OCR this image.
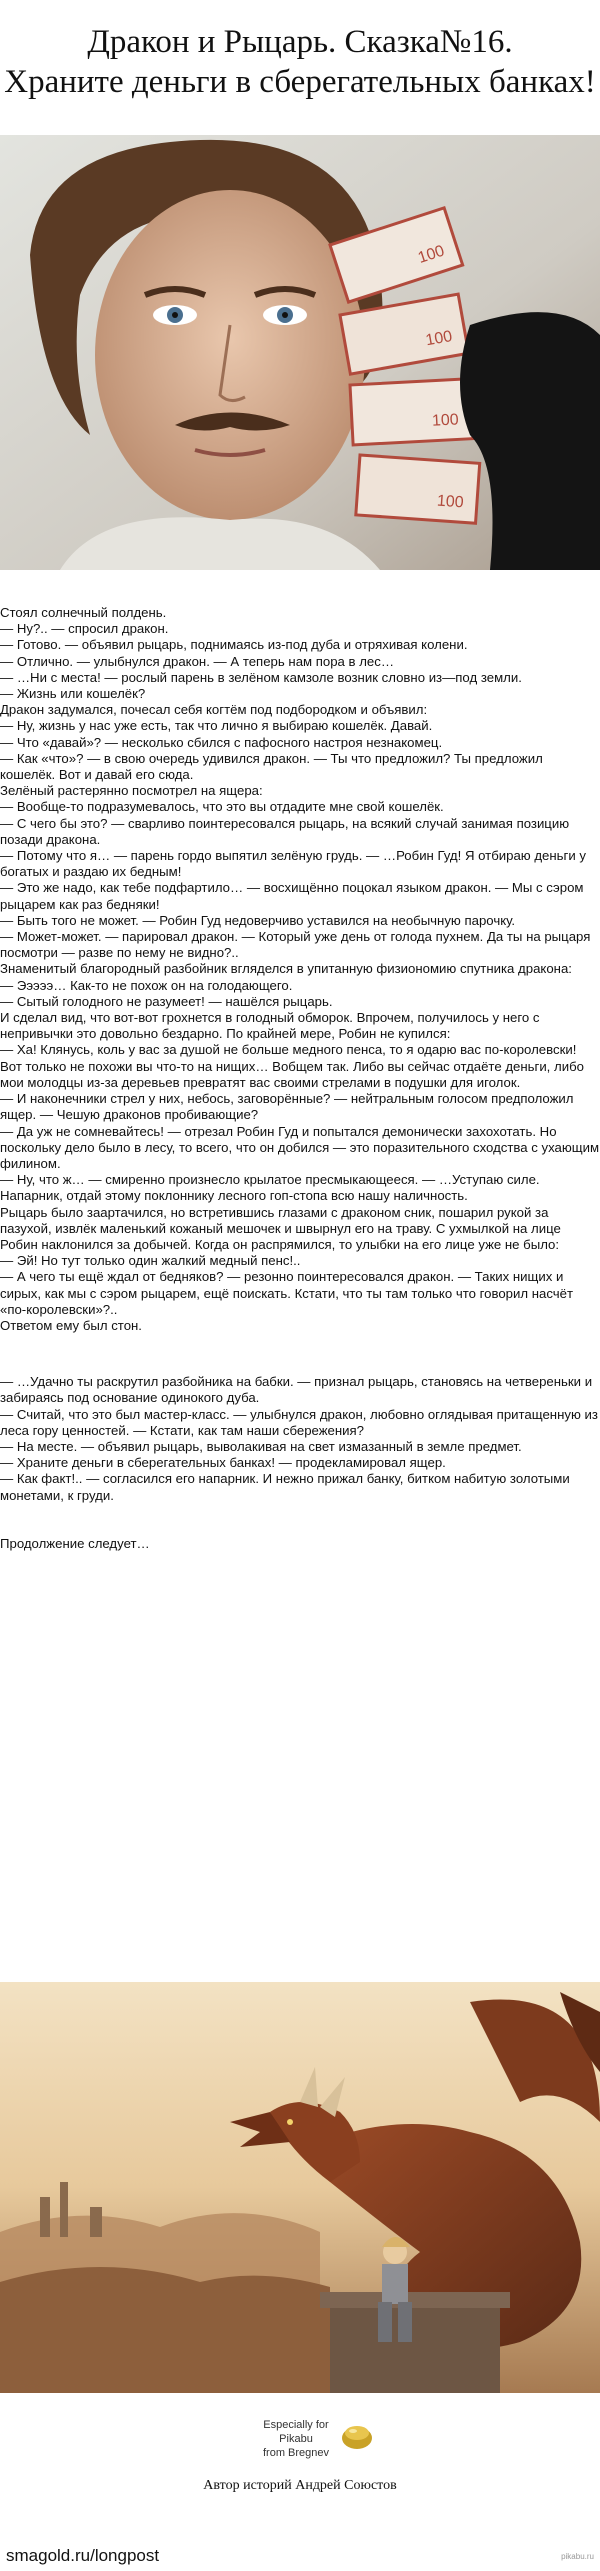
Дракон и Рыцарь. Сказка№16.
Храните деньги в сберегательных банках!
100
100
100
100

Стоял солнечный полдень.

— Ну?.. — спросил дракон.

— Готово. — объявил рыцарь, поднимаясь из-под дуба и отряхивая колени.

— Отлично. — улыбнулся дракон. — А теперь нам пора в лес…

— …Ни с места! — рослый парень в зелёном камзоле возник словно из—под земли.

— Жизнь или кошелёк?

Дракон задумался, почесал себя когтём под подбородком и объявил:

— Ну, жизнь у нас уже есть, так что лично я выбираю кошелёк. Давай.

— Что «давай»? — несколько сбился с пафосного настроя незнакомец.

— Как «что»? — в свою очередь удивился дракон. — Ты что предложил? Ты предложил кошелёк. Вот и давай его сюда.

Зелёный растерянно посмотрел на ящера:

— Вообще-то подразумевалось, что это вы отдадите мне свой кошелёк.

— С чего бы это? — сварливо поинтересовался рыцарь, на всякий случай занимая позицию позади дракона.

— Потому что я… — парень гордо выпятил зелёную грудь. — …Робин Гуд! Я отбираю деньги у богатых и раздаю их бедным!

— Это же надо, как тебе подфартило… — восхищённо поцокал языком дракон. — Мы с сэром рыцарем как раз бедняки!

— Быть того не может. — Робин Гуд недоверчиво уставился на необычную парочку.

— Может-может. — парировал дракон. — Который уже день от голода пухнем. Да ты на рыцаря посмотри — разве по нему не видно?..

Знаменитый благородный разбойник вгляделся в упитанную физиономию спутника дракона:

— Эээээ… Как-то не похож он на голодающего.

— Сытый голодного не разумеет! — нашёлся рыцарь.

И сделал вид, что вот-вот грохнется в голодный обморок. Впрочем, получилось у него с непривычки это довольно бездарно. По крайней мере, Робин не купился:

— Ха! Клянусь, коль у вас за душой не больше медного пенса, то я одарю вас по-королевски! Вот только не похожи вы что-то на нищих… Вобщем так. Либо вы сейчас отдаёте деньги, либо мои молодцы из-за деревьев превратят вас своими стрелами в подушки для иголок.

— И наконечники стрел у них, небось, заговорённые? — нейтральным голосом предположил ящер. — Чешую драконов пробивающие?

— Да уж не сомневайтесь! — отрезал Робин Гуд и попытался демонически захохотать. Но поскольку дело было в лесу, то всего, что он добился — это поразительного сходства с ухающим филином.

— Ну, что ж… — смиренно произнесло крылатое пресмыкающееся. — …Уступаю силе. Напарник, отдай этому поклоннику лесного гоп-стопа всю нашу наличность.

Рыцарь было заартачился, но встретившись глазами с драконом сник, пошарил рукой за пазухой, извлёк маленький кожаный мешочек и швырнул его на траву. С ухмылкой на лице Робин наклонился за добычей. Когда он распрямился, то улыбки на его лице уже не было:

— Эй! Но тут только один жалкий медный пенс!..

— А чего ты ещё ждал от бедняков? — резонно поинтересовался дракон. — Таких нищих и сирых, как мы с сэром рыцарем, ещё поискать. Кстати, что ты там только что говорил насчёт «по-королевски»?..

Ответом ему был стон.

— …Удачно ты раскрутил разбойника на бабки. — признал рыцарь, становясь на четвереньки и забираясь под основание одинокого дуба.

— Считай, что это был мастер-класс. — улыбнулся дракон, любовно оглядывая притащенную из леса гору ценностей. — Кстати, как там наши сбережения?

— На месте. — объявил рыцарь, выволакивая на свет измазанный в земле предмет.

— Храните деньги в сберегательных банках! — продекламировал ящер.

— Как факт!.. — согласился его напарник. И нежно прижал банку, битком набитую золотыми монетами, к груди.

Продолжение следует…

Especially for Pikabu
from Bregnev
Автор историй Андрей Союстов
smagold.ru/longpost	pikabu.ru
